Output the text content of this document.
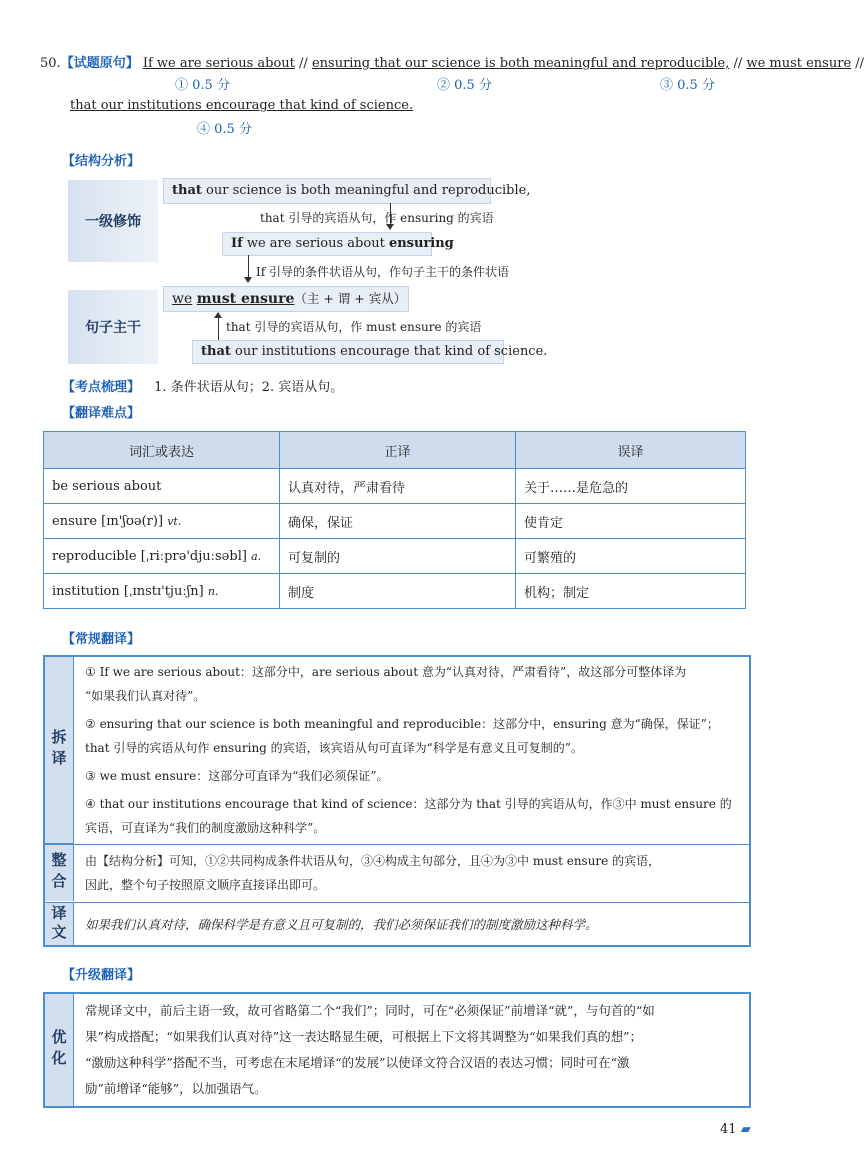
50.【试题原句】 If we are serious about // ensuring that our science is both meaningful and reproducible, // we must ensure //
① 0.5 分	② 0.5 分	③ 0.5 分
that our institutions encourage that kind of science.
④ 0.5 分
【结构分析】
一级修饰
句子主干
that our science is both meaningful and reproducible,
that 引导的宾语从句，作 ensuring 的宾语
If we are serious about ensuring
If 引导的条件状语从句，作句子主干的条件状语
we must ensure（主 + 谓 + 宾从）
that 引导的宾语从句，作 must ensure 的宾语
that our institutions encourage that kind of science.
【考点梳理】 1. 条件状语从句；2. 宾语从句。
【翻译难点】
词汇或表达	正译	误译
be serious about	认真对待，严肃看待	关于……是危急的
ensure [ɪn'ʃʊə(r)] vt.	确保，保证	使肯定
reproducible [ˌriːprə'djuːsəbl] a.	可复制的	可繁殖的
institution [ˌɪnstɪ'tjuːʃn] n.	制度	机构；制定
【常规翻译】
拆译
① If we are serious about：这部分中，are serious about 意为“认真对待，严肃看待”，故这部分可整体译为
“如果我们认真对待”。
② ensuring that our science is both meaningful and reproducible：这部分中，ensuring 意为“确保，保证”；
that 引导的宾语从句作 ensuring 的宾语，该宾语从句可直译为“科学是有意义且可复制的”。
③ we must ensure：这部分可直译为“我们必须保证”。
④ that our institutions encourage that kind of science：这部分为 that 引导的宾语从句，作③中 must ensure 的
宾语，可直译为“我们的制度激励这种科学”。
整合 由【结构分析】可知，①②共同构成条件状语从句，③④构成主句部分，且④为③中 must ensure 的宾语，
因此，整个句子按照原文顺序直接译出即可。
译文 如果我们认真对待，确保科学是有意义且可复制的，我们必须保证我们的制度激励这种科学。
【升级翻译】
优化
常规译文中，前后主语一致，故可省略第二个“我们”；同时，可在“必须保证”前增译“就”，与句首的“如
果”构成搭配；“如果我们认真对待”这一表达略显生硬，可根据上下文将其调整为“如果我们真的想”；
“激励这种科学”搭配不当，可考虑在末尾增译“的发展”以使译文符合汉语的表达习惯；同时可在“激
励”前增译“能够”，以加强语气。
41 ▰
